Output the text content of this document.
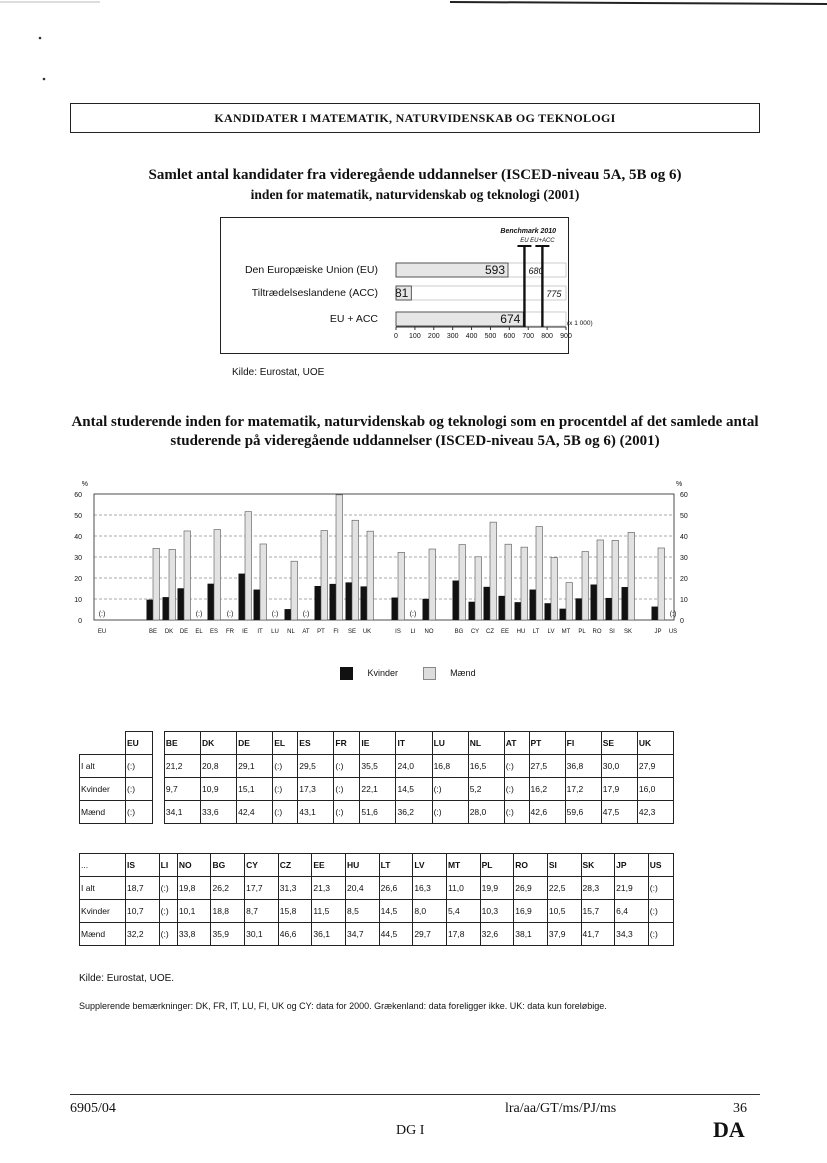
KANDIDATER I MATEMATIK, NATURVIDENSKAB OG TEKNOLOGI
Samlet antal kandidater fra videregående uddannelser (ISCED-niveau 5A, 5B og 6)
inden for matematik, naturvidenskab og teknologi (2001)
Den Europæiske Union (EU)	593
Tiltrædelseslandene (ACC) 81
EU + ACC	674
0 100 200 300 400 500 600 700 800 900
(x 1 000)
Benchmark 2010
EU
680
EU+ACC
775
Kilde: Eurostat, UOE
Antal studerende inden for matematik, naturvidenskab og teknologi som en procentdel af det samlede antal studerende på videregående uddannelser (ISCED-niveau 5A, 5B og 6) (2001)
0	0
10	10
20	20
30	30
40	40
50	50
60	60
%	%
EU
(:)
BE DK DE EL
(:)
ES FR
(:)
IE IT LU
(:)
NL AT
(:)
PT FI SE UK	IS LI
(:)
NO	BG CY CZ EE HU LT LV MT PL RO SI SK	JP US
(:)
Kvinder	Mænd
	EU		BE	DK	DE	EL	ES	FR	IE	IT	LU	NL	AT	PT	FI	SE	UK
I alt	(:)		21,2	20,8	29,1	(:)	29,5	(:)	35,5	24,0	16,8	16,5	(:)	27,5	36,8	30,0	27,9
Kvinder	(:)		9,7	10,9	15,1	(:)	17,3	(:)	22,1	14,5	(:)	5,2	(:)	16,2	17,2	17,9	16,0
Mænd	(:)		34,1	33,6	42,4	(:)	43,1	(:)	51,6	36,2	(:)	28,0	(:)	42,6	59,6	47,5	42,3
...	IS	LI	NO	BG	CY	CZ	EE	HU	LT	LV	MT	PL	RO	SI	SK	JP	US
I alt	18,7	(:)	19,8	26,2	17,7	31,3	21,3	20,4	26,6	16,3	11,0	19,9	26,9	22,5	28,3	21,9	(:)
Kvinder	10,7	(:)	10,1	18,8	8,7	15,8	11,5	8,5	14,5	8,0	5,4	10,3	16,9	10,5	15,7	6,4	(:)
Mænd	32,2	(:)	33,8	35,9	30,1	46,6	36,1	34,7	44,5	29,7	17,8	32,6	38,1	37,9	41,7	34,3	(:)
Kilde: Eurostat, UOE.
Supplerende bemærkninger: DK, FR, IT, LU, FI, UK og CY: data for 2000. Grækenland: data foreligger ikke. UK: data kun foreløbige.
6905/04	lra/aa/GT/ms/PJ/ms	36
DG I	DA
